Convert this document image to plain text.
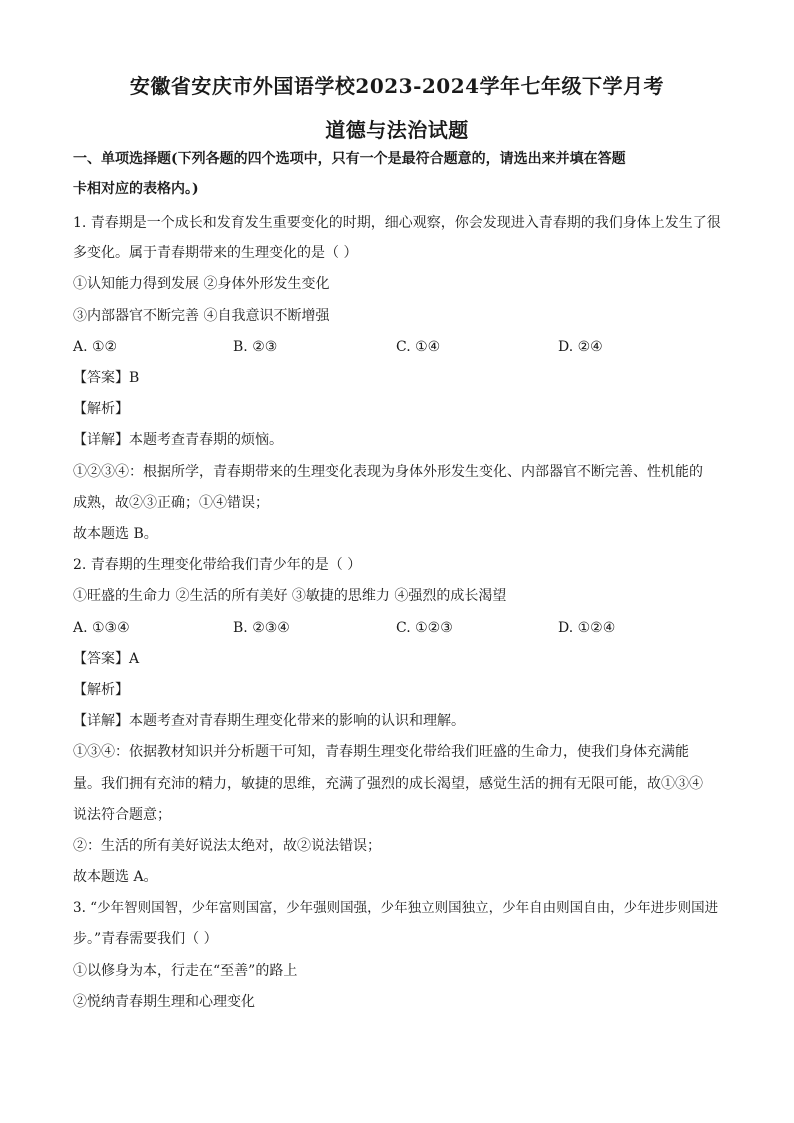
安徽省安庆市外国语学校2023-2024学年七年级下学月考
道德与法治试题
一、单项选择题(下列各题的四个选项中，只有一个是最符合题意的，请选出来并填在答题
卡相对应的表格内。)
1. 青春期是一个成长和发育发生重要变化的时期，细心观察，你会发现进入青春期的我们身体上发生了很
多变化。属于青春期带来的生理变化的是（ ）
①认知能力得到发展 ②身体外形发生变化
③内部器官不断完善 ④自我意识不断增强
A. ①②	B. ②③	C. ①④	D. ②④
【答案】B
【解析】
【详解】本题考查青春期的烦恼。
①②③④：根据所学，青春期带来的生理变化表现为身体外形发生变化、内部器官不断完善、性机能的
成熟，故②③正确；①④错误；
故本题选 B。
2. 青春期的生理变化带给我们青少年的是（ ）
①旺盛的生命力 ②生活的所有美好 ③敏捷的思维力 ④强烈的成长渴望
A. ①③④	B. ②③④	C. ①②③	D. ①②④
【答案】A
【解析】
【详解】本题考查对青春期生理变化带来的影响的认识和理解。
①③④：依据教材知识并分析题干可知，青春期生理变化带给我们旺盛的生命力，使我们身体充满能
量。我们拥有充沛的精力，敏捷的思维，充满了强烈的成长渴望，感觉生活的拥有无限可能，故①③④
说法符合题意；
②：生活的所有美好说法太绝对，故②说法错误；
故本题选 A。
3. “少年智则国智，少年富则国富，少年强则国强，少年独立则国独立，少年自由则国自由，少年进步则国进
步。”青春需要我们（ ）
①以修身为本，行走在“至善”的路上
②悦纳青春期生理和心理变化
